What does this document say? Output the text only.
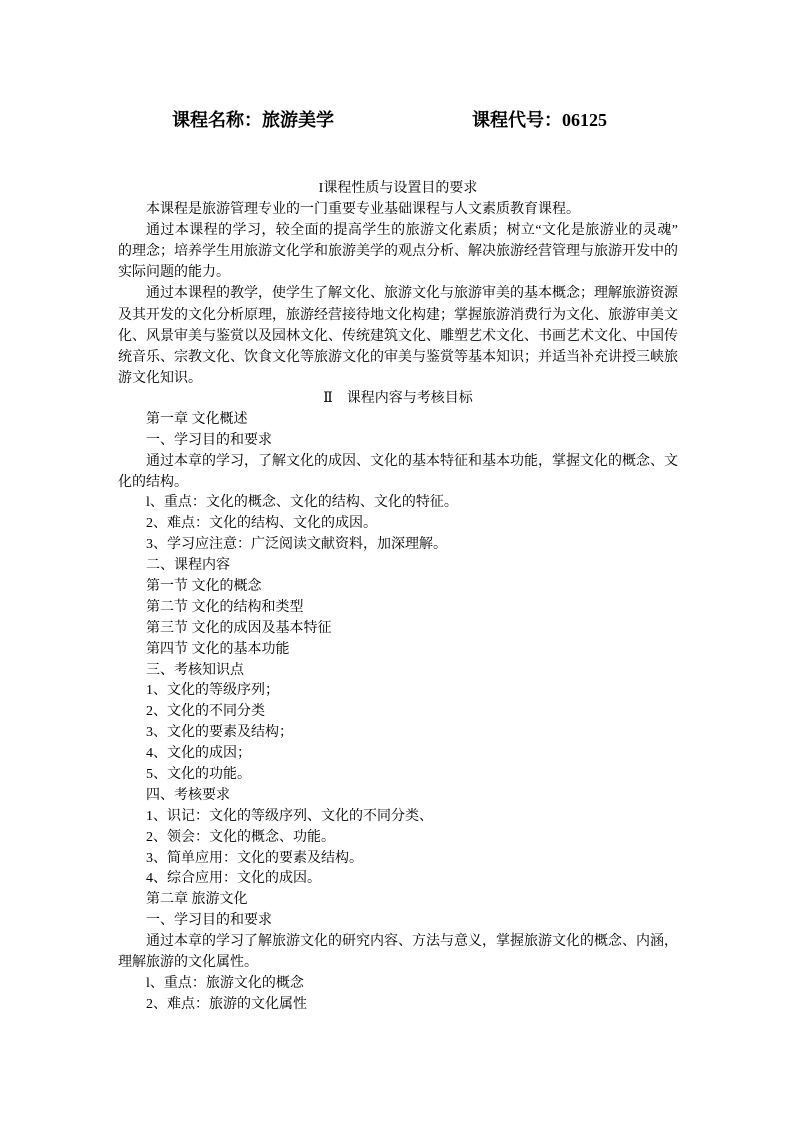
课程名称：旅游美学	课程代号：06125
I课程性质与设置目的要求
本课程是旅游管理专业的一门重要专业基础课程与人文素质教育课程。
通过本课程的学习，较全面的提高学生的旅游文化素质；树立“文化是旅游业的灵魂”
的理念；培养学生用旅游文化学和旅游美学的观点分析、解决旅游经营管理与旅游开发中的
实际问题的能力。
通过本课程的教学，使学生了解文化、旅游文化与旅游审美的基本概念；理解旅游资源
及其开发的文化分析原理，旅游经营接待地文化构建；掌握旅游消费行为文化、旅游审美文
化、风景审美与鉴赏以及园林文化、传统建筑文化、雕塑艺术文化、书画艺术文化、中国传
统音乐、宗教文化、饮食文化等旅游文化的审美与鉴赏等基本知识；并适当补充讲授三峡旅
游文化知识。
Ⅱ　课程内容与考核目标
第一章 文化概述
一、学习目的和要求
通过本章的学习，了解文化的成因、文化的基本特征和基本功能，掌握文化的概念、文
化的结构。
l、重点：文化的概念、文化的结构、文化的特征。
2、难点：文化的结构、文化的成因。
3、学习应注意：广泛阅读文献资料，加深理解。
二、课程内容
第一节 文化的概念
第二节 文化的结构和类型
第三节 文化的成因及基本特征
第四节 文化的基本功能
三、考核知识点
1、文化的等级序列；
2、文化的不同分类
3、文化的要素及结构；
4、文化的成因；
5、文化的功能。
四、考核要求
1、识记：文化的等级序列、文化的不同分类、
2、领会：文化的概念、功能。
3、简单应用：文化的要素及结构。
4、综合应用：文化的成因。
第二章 旅游文化
一、学习目的和要求
通过本章的学习了解旅游文化的研究内容、方法与意义，掌握旅游文化的概念、内涵，
理解旅游的文化属性。
l、重点：旅游文化的概念
2、难点：旅游的文化属性
